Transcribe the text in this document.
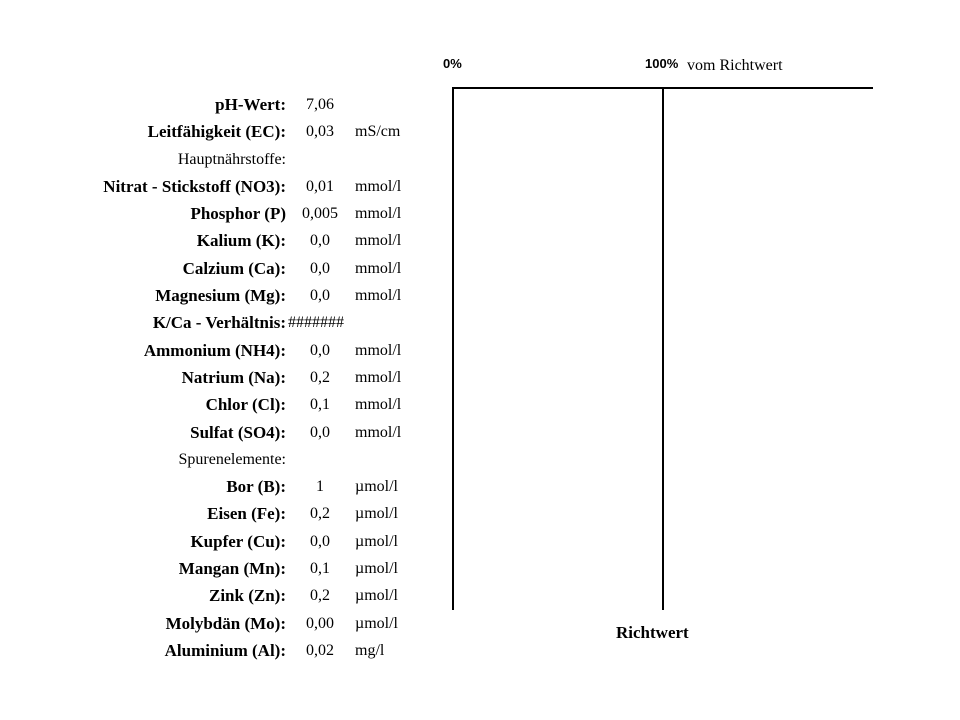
0%	100% vom Richtwert
Richtwert
pH-Wert:	7,06
Leitfähigkeit (EC):	0,03	mS/cm
Hauptnährstoffe:
Nitrat - Stickstoff (NO3):	0,01	mmol/l
Phosphor (P)	0,005	mmol/l
Kalium (K):	0,0	mmol/l
Calzium (Ca):	0,0	mmol/l
Magnesium (Mg):	0,0	mmol/l
K/Ca - Verhältnis: #######
Ammonium (NH4):	0,0	mmol/l
Natrium (Na):	0,2	mmol/l
Chlor (Cl):	0,1	mmol/l
Sulfat (SO4):	0,0	mmol/l
Spurenelemente:
Bor (B):	1	µmol/l
Eisen (Fe):	0,2	µmol/l
Kupfer (Cu):	0,0	µmol/l
Mangan (Mn):	0,1	µmol/l
Zink (Zn):	0,2	µmol/l
Molybdän (Mo):	0,00	µmol/l
Aluminium (Al):	0,02	mg/l
